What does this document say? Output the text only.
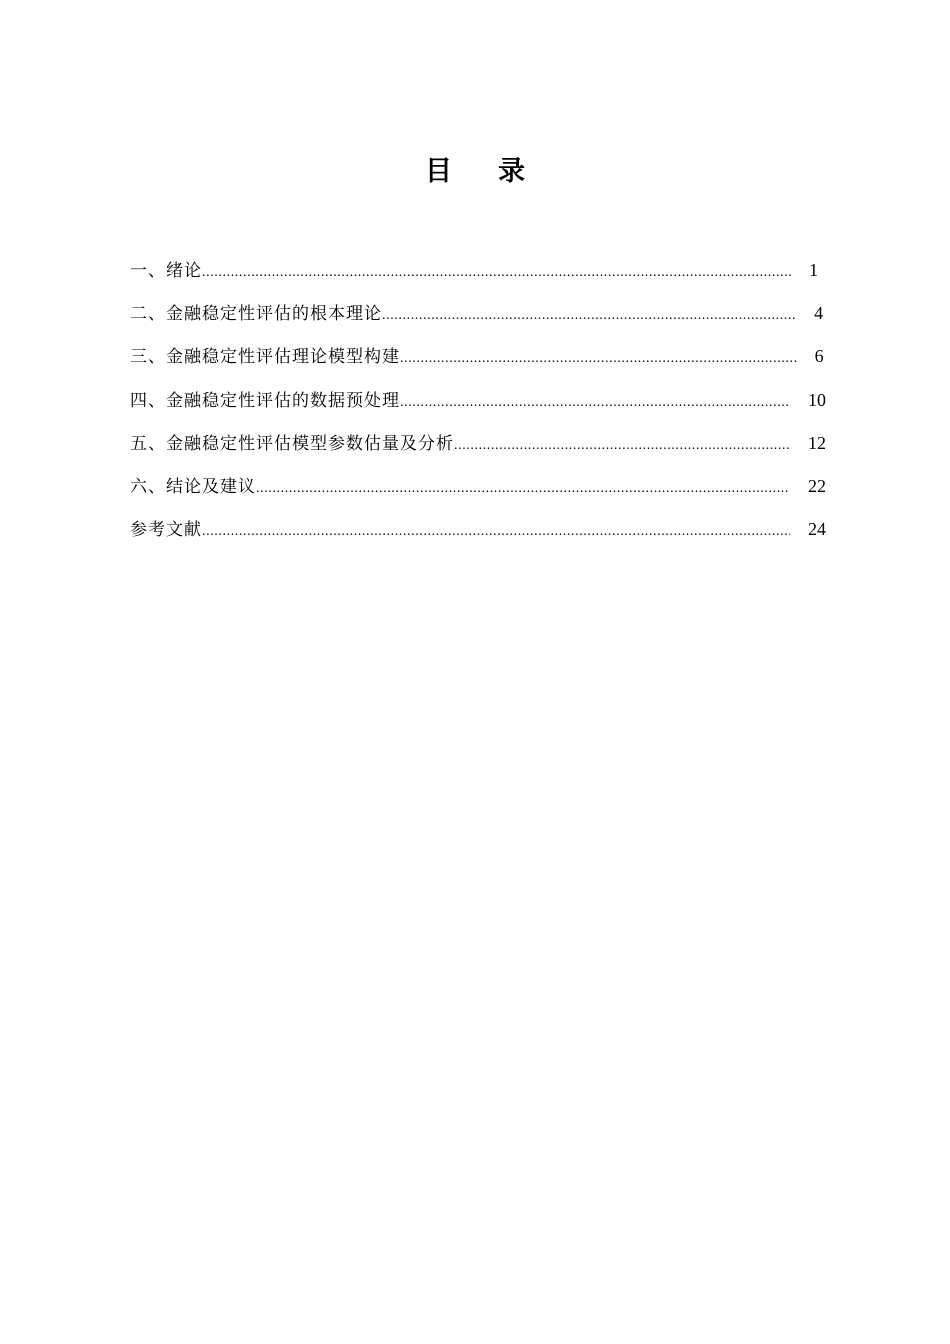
目 录
一、绪论 .....	1
二、金融稳定性评估的根本理论 .....	4
三、金融稳定性评估理论模型构建 .....	6
四、金融稳定性评估的数据预处理 .....	10
五、金融稳定性评估模型参数估量及分析 .....	12
六、结论及建议 .....	22
参考文献 .....	24
